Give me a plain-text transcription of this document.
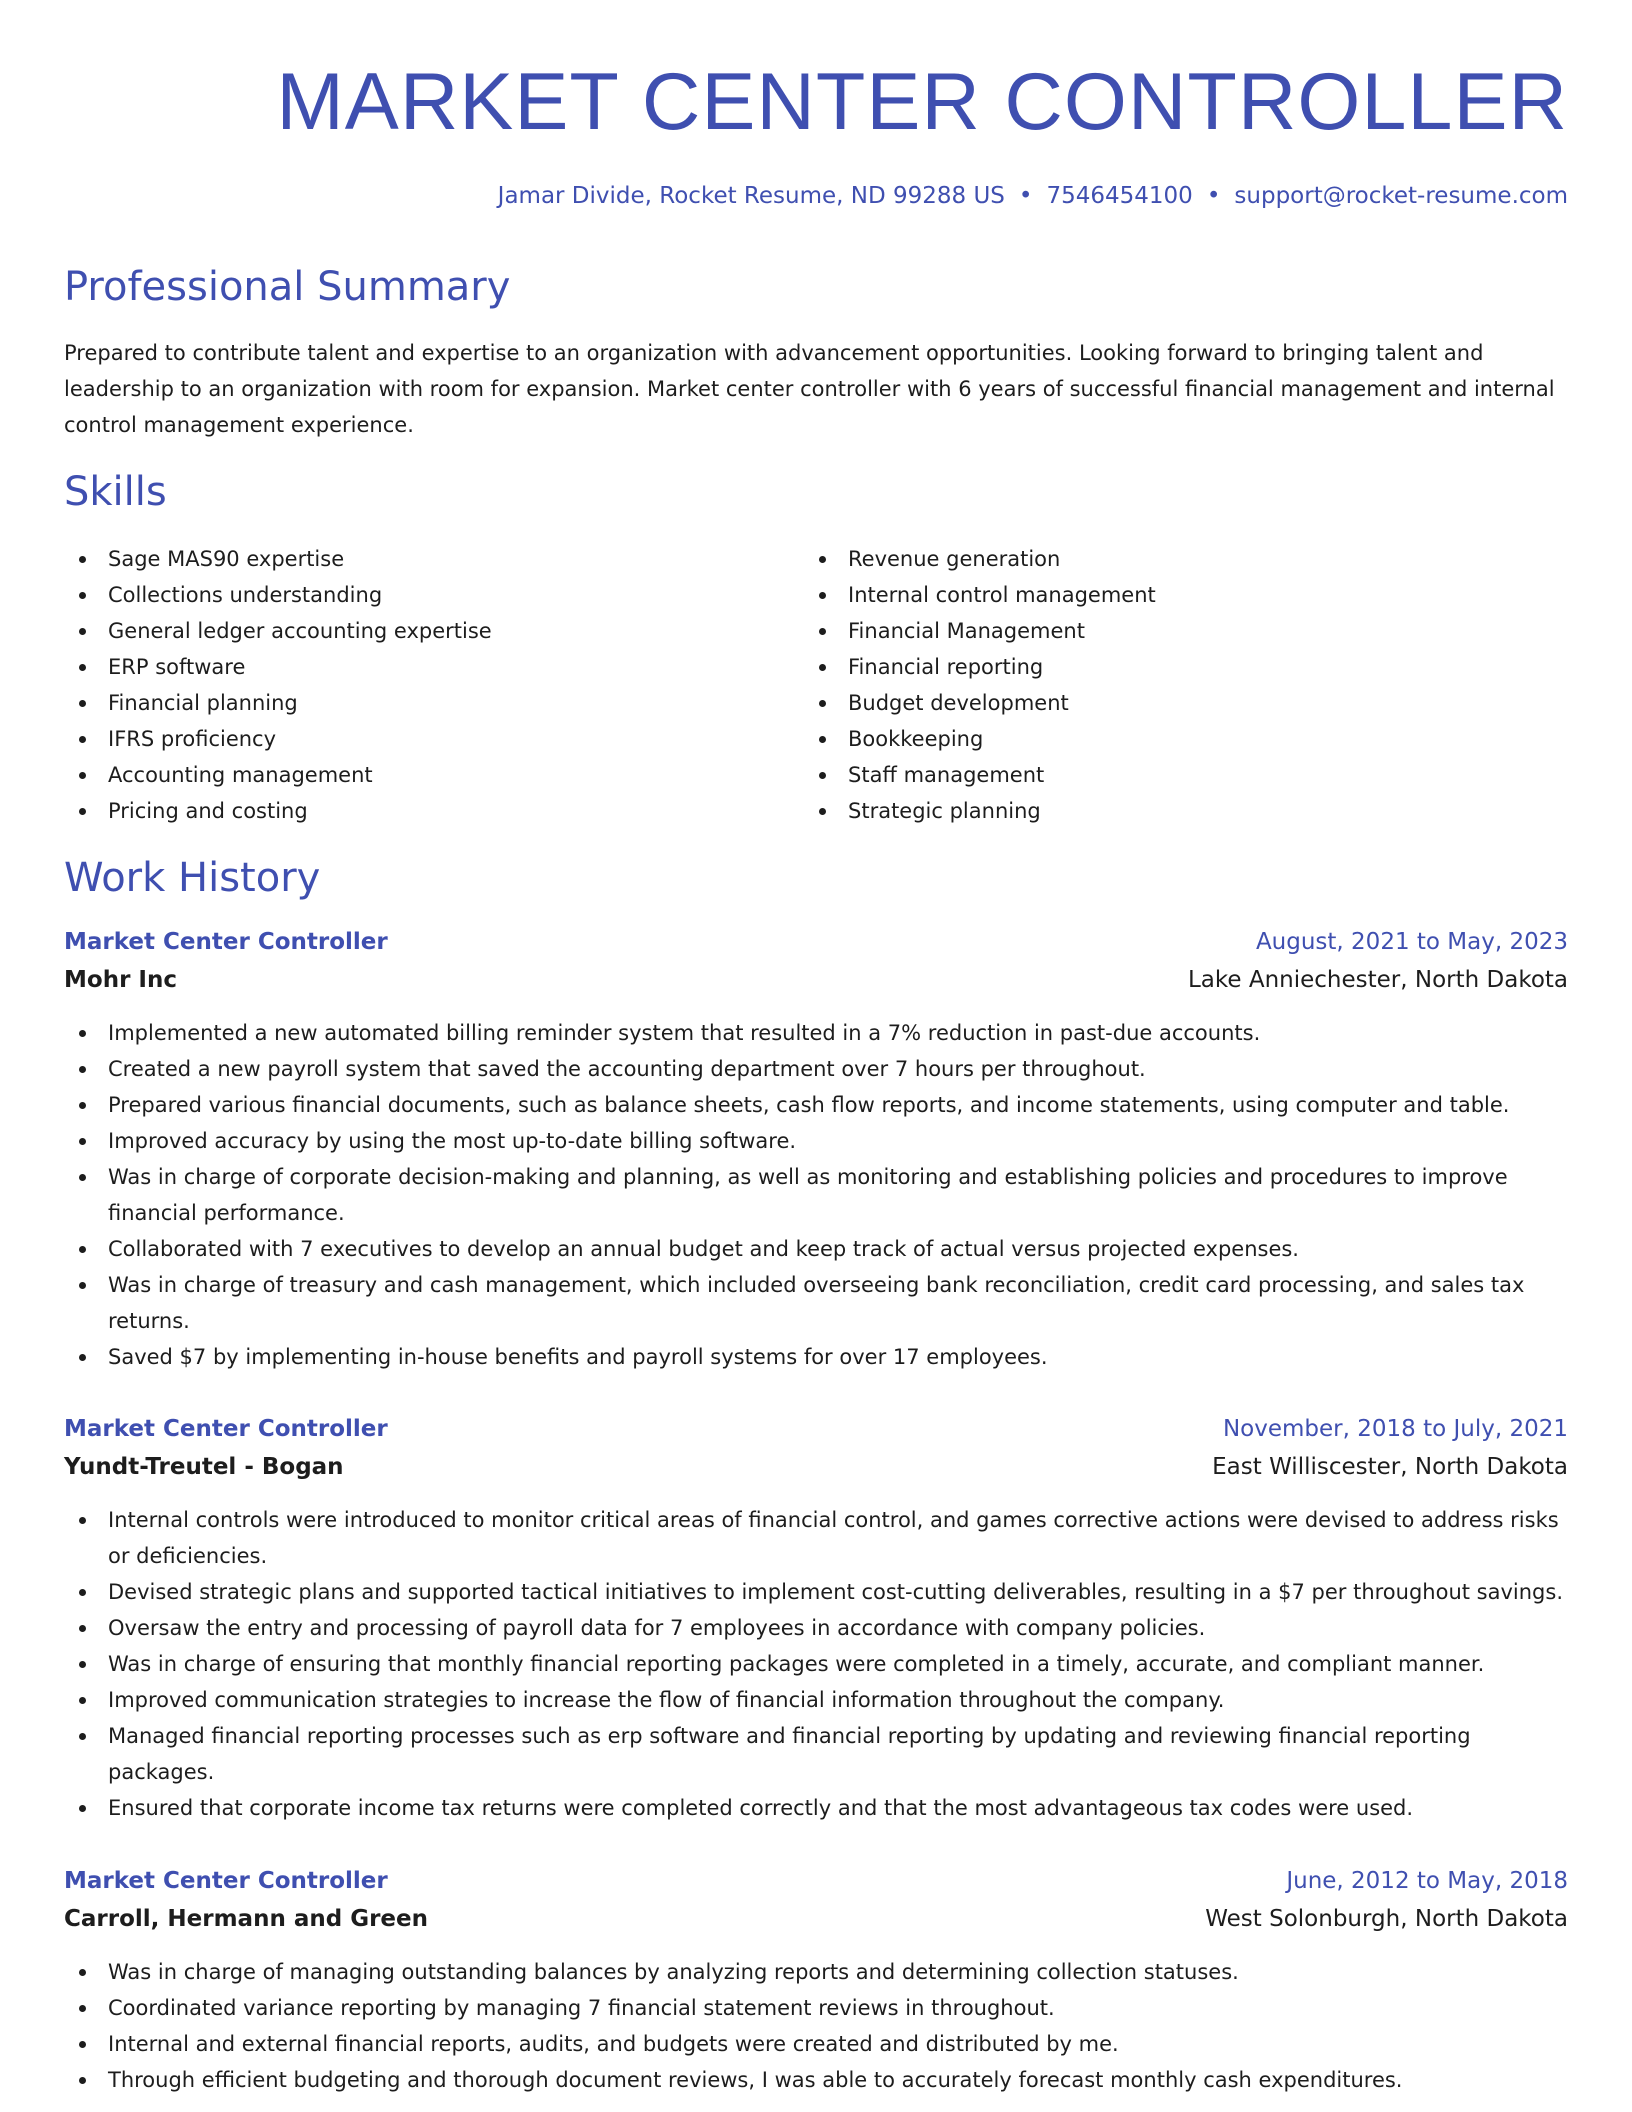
MARKET CENTER CONTROLLER
Jamar Divide, Rocket Resume, ND 99288 US • 7546454100 • support@rocket-resume.com
Professional Summary

Prepared to contribute talent and expertise to an organization with advancement opportunities. Looking forward to bringing talent and leadership to an organization with room for expansion. Market center controller with 6 years of successful financial management and internal control management experience.

Skills
Sage MAS90 expertise
Collections understanding
General ledger accounting expertise
ERP software
Financial planning
IFRS proficiency
Accounting management
Pricing and costing
Revenue generation
Internal control management
Financial Management
Financial reporting
Budget development
Bookkeeping
Staff management
Strategic planning
Work History
Market Center Controller	August, 2021 to May, 2023
Mohr Inc	Lake Anniechester, North Dakota
Implemented a new automated billing reminder system that resulted in a 7% reduction in past-due accounts.
Created a new payroll system that saved the accounting department over 7 hours per throughout.
Prepared various financial documents, such as balance sheets, cash flow reports, and income statements, using computer and table.
Improved accuracy by using the most up-to-date billing software.
Was in charge of corporate decision-making and planning, as well as monitoring and establishing policies and procedures to improve financial performance.
Collaborated with 7 executives to develop an annual budget and keep track of actual versus projected expenses.
Was in charge of treasury and cash management, which included overseeing bank reconciliation, credit card processing, and sales tax returns.
Saved $7 by implementing in-house benefits and payroll systems for over 17 employees.
Market Center Controller	November, 2018 to July, 2021
Yundt-Treutel - Bogan	East Williscester, North Dakota
Internal controls were introduced to monitor critical areas of financial control, and games corrective actions were devised to address risks or deficiencies.
Devised strategic plans and supported tactical initiatives to implement cost-cutting deliverables, resulting in a $7 per throughout savings.
Oversaw the entry and processing of payroll data for 7 employees in accordance with company policies.
Was in charge of ensuring that monthly financial reporting packages were completed in a timely, accurate, and compliant manner.
Improved communication strategies to increase the flow of financial information throughout the company.
Managed financial reporting processes such as erp software and financial reporting by updating and reviewing financial reporting packages.
Ensured that corporate income tax returns were completed correctly and that the most advantageous tax codes were used.
Market Center Controller	June, 2012 to May, 2018
Carroll, Hermann and Green	West Solonburgh, North Dakota
Was in charge of managing outstanding balances by analyzing reports and determining collection statuses.
Coordinated variance reporting by managing 7 financial statement reviews in throughout.
Internal and external financial reports, audits, and budgets were created and distributed by me.
Through efficient budgeting and thorough document reviews, I was able to accurately forecast monthly cash expenditures.
